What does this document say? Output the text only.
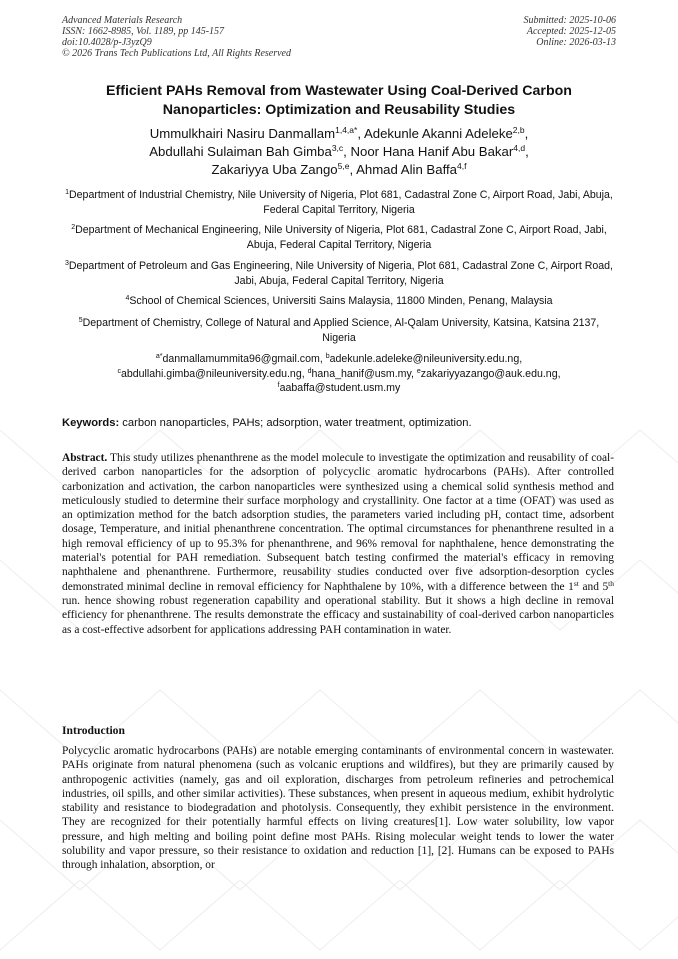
Advanced Materials Research
ISSN: 1662-8985, Vol. 1189, pp 145-157
doi:10.4028/p-J3yzQ9
© 2026 Trans Tech Publications Ltd, All Rights Reserved
Submitted: 2025-10-06
Accepted: 2025-12-05
Online: 2026-03-13
Efficient PAHs Removal from Wastewater Using Coal-Derived Carbon Nanoparticles: Optimization and Reusability Studies
Ummulkhairi Nasiru Danmallam$^{1,4,a*}$, Adekunle Akanni Adeleke$^{2,b}$,
Abdullahi Sulaiman Bah Gimba$^{3,c}$, Noor Hana Hanif Abu Bakar$^{4,d}$,
Zakariyya Uba Zango$^{5,e}$, Ahmad Alin Baffa$^{4,f}$
$^1$Department of Industrial Chemistry, Nile University of Nigeria, Plot 681, Cadastral Zone C, Airport Road, Jabi, Abuja, Federal Capital Territory, Nigeria
$^2$Department of Mechanical Engineering, Nile University of Nigeria, Plot 681, Cadastral Zone C, Airport Road, Jabi, Abuja, Federal Capital Territory, Nigeria
$^3$Department of Petroleum and Gas Engineering, Nile University of Nigeria, Plot 681, Cadastral Zone C, Airport Road, Jabi, Abuja, Federal Capital Territory, Nigeria
$^4$School of Chemical Sciences, Universiti Sains Malaysia, 11800 Minden, Penang, Malaysia
$^5$Department of Chemistry, College of Natural and Applied Science, Al-Qalam University, Katsina, Katsina 2137, Nigeria
$^{a*}$danmallamummita96@gmail.com, $^b$adekunle.adeleke@nileuniversity.edu.ng,
$^c$abdullahi.gimba@nileuniversity.edu.ng, $^d$hana_hanif@usm.my, $^e$zakariyyazango@auk.edu.ng,
$^f$aabaffa@student.usm.my
Keywords: carbon nanoparticles, PAHs; adsorption, water treatment, optimization.
Abstract. This study utilizes phenanthrene as the model molecule to investigate the optimization and reusability of coal-derived carbon nanoparticles for the adsorption of polycyclic aromatic hydrocarbons (PAHs). After controlled carbonization and activation, the carbon nanoparticles were synthesized using a chemical solid synthesis method and meticulously studied to determine their surface morphology and crystallinity. One factor at a time (OFAT) was used as an optimization method for the batch adsorption studies, the parameters varied including pH, contact time, adsorbent dosage, Temperature, and initial phenanthrene concentration. The optimal circumstances for phenanthrene resulted in a high removal efficiency of up to 95.3% for phenanthrene, and 96% removal for naphthalene, hence demonstrating the material's potential for PAH remediation. Subsequent batch testing confirmed the material's efficacy in removing naphthalene and phenanthrene. Furthermore, reusability studies conducted over five adsorption-desorption cycles demonstrated minimal decline in removal efficiency for Naphthalene by 10%, with a difference between the 1st and 5th run. hence showing robust regeneration capability and operational stability. But it shows a high decline in removal efficiency for phenanthrene. The results demonstrate the efficacy and sustainability of coal-derived carbon nanoparticles as a cost-effective adsorbent for applications addressing PAH contamination in water.
Introduction
Polycyclic aromatic hydrocarbons (PAHs) are notable emerging contaminants of environmental concern in wastewater. PAHs originate from natural phenomena (such as volcanic eruptions and wildfires), but they are primarily caused by anthropogenic activities (namely, gas and oil exploration, discharges from petroleum refineries and petrochemical industries, oil spills, and other similar activities). These substances, when present in aqueous medium, exhibit hydrolytic stability and resistance to biodegradation and photolysis. Consequently, they exhibit persistence in the environment. They are recognized for their potentially harmful effects on living creatures[1]. Low water solubility, low vapor pressure, and high melting and boiling point define most PAHs. Rising molecular weight tends to lower the water solubility and vapor pressure, so their resistance to oxidation and reduction [1], [2]. Humans can be exposed to PAHs through inhalation, absorption, or
